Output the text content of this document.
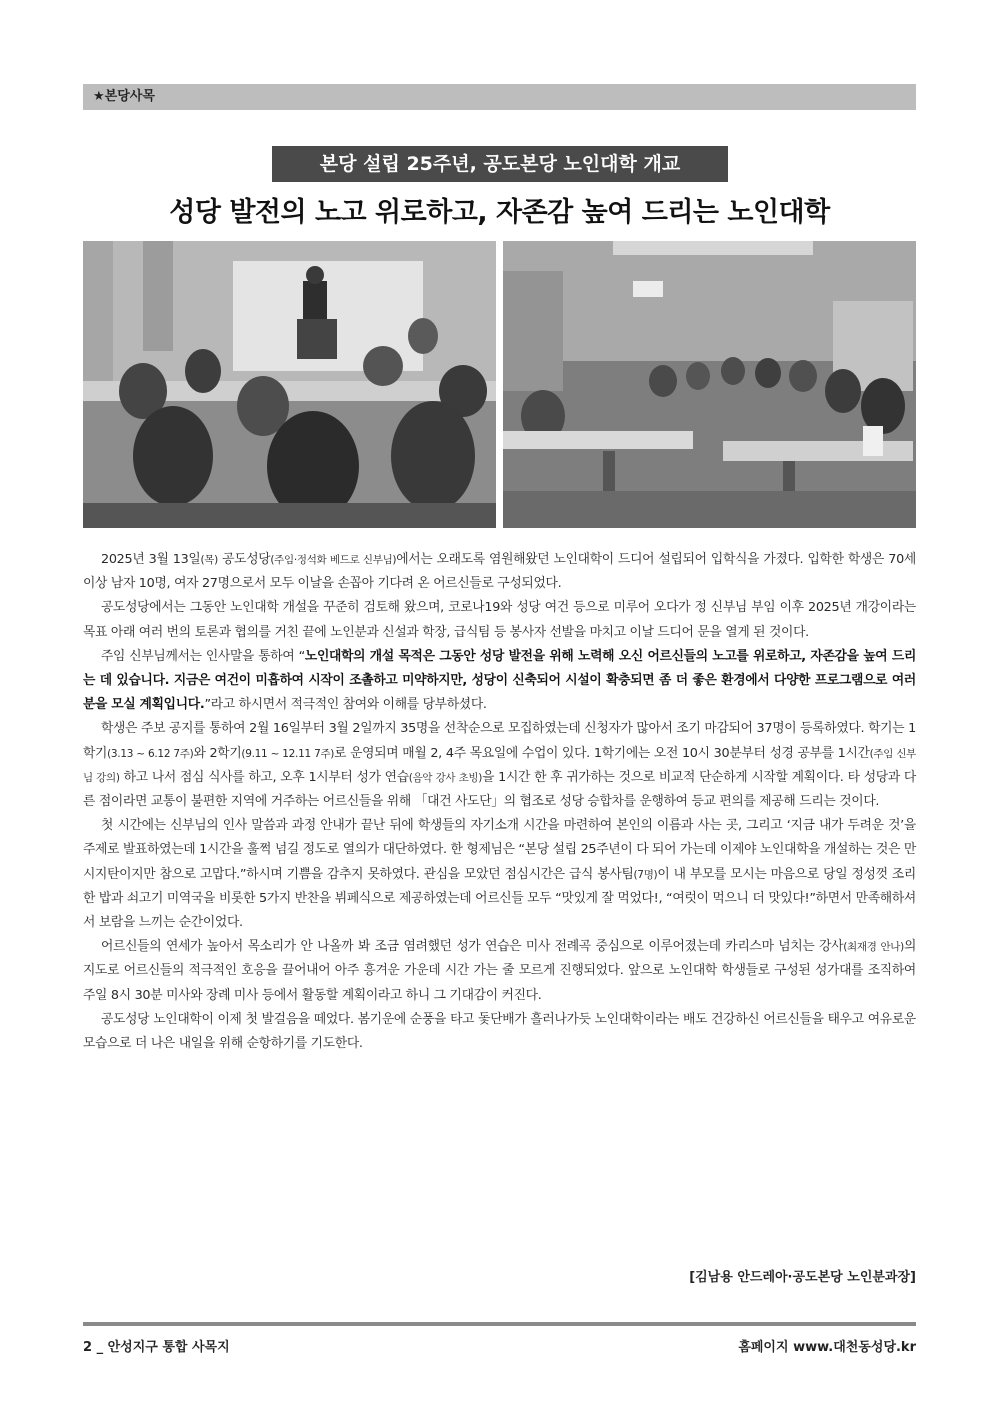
★본당사목
본당 설립 25주년, 공도본당 노인대학 개교
성당 발전의 노고 위로하고, 자존감 높여 드리는 노인대학

2025년 3월 13일(목) 공도성당(주임·정석화 베드로 신부님)에서는 오래도록 염원해왔던 노인대학이 드디어 설립되어 입학식을 가졌다. 입학한 학생은 70세 이상 남자 10명, 여자 27명으로서 모두 이날을 손꼽아 기다려 온 어르신들로 구성되었다.

공도성당에서는 그동안 노인대학 개설을 꾸준히 검토해 왔으며, 코로나19와 성당 여건 등으로 미루어 오다가 정 신부님 부임 이후 2025년 개강이라는 목표 아래 여러 번의 토론과 협의를 거친 끝에 노인분과 신설과 학장, 급식팀 등 봉사자 선발을 마치고 이날 드디어 문을 열게 된 것이다.

주임 신부님께서는 인사말을 통하여 “노인대학의 개설 목적은 그동안 성당 발전을 위해 노력해 오신 어르신들의 노고를 위로하고, 자존감을 높여 드리는 데 있습니다. 지금은 여건이 미흡하여 시작이 조촐하고 미약하지만, 성당이 신축되어 시설이 확충되면 좀 더 좋은 환경에서 다양한 프로그램으로 여러분을 모실 계획입니다.”라고 하시면서 적극적인 참여와 이해를 당부하셨다.

학생은 주보 공지를 통하여 2월 16일부터 3월 2일까지 35명을 선착순으로 모집하였는데 신청자가 많아서 조기 마감되어 37명이 등록하였다. 학기는 1학기(3.13 ~ 6.12 7주)와 2학기(9.11 ~ 12.11 7주)로 운영되며 매월 2, 4주 목요일에 수업이 있다. 1학기에는 오전 10시 30분부터 성경 공부를 1시간(주임 신부님 강의) 하고 나서 점심 식사를 하고, 오후 1시부터 성가 연습(음악 강사 초빙)을 1시간 한 후 귀가하는 것으로 비교적 단순하게 시작할 계획이다. 타 성당과 다른 점이라면 교통이 불편한 지역에 거주하는 어르신들을 위해 「대건 사도단」의 협조로 성당 승합차를 운행하여 등교 편의를 제공해 드리는 것이다.

첫 시간에는 신부님의 인사 말씀과 과정 안내가 끝난 뒤에 학생들의 자기소개 시간을 마련하여 본인의 이름과 사는 곳, 그리고 ‘지금 내가 두려운 것’을 주제로 발표하였는데 1시간을 훌쩍 넘길 정도로 열의가 대단하였다. 한 형제님은 “본당 설립 25주년이 다 되어 가는데 이제야 노인대학을 개설하는 것은 만시지탄이지만 참으로 고맙다.”하시며 기쁨을 감추지 못하였다. 관심을 모았던 점심시간은 급식 봉사팀(7명)이 내 부모를 모시는 마음으로 당일 정성껏 조리한 밥과 쇠고기 미역국을 비롯한 5가지 반찬을 뷔페식으로 제공하였는데 어르신들 모두 “맛있게 잘 먹었다!, “여럿이 먹으니 더 맛있다!”하면서 만족해하셔서 보람을 느끼는 순간이었다.

어르신들의 연세가 높아서 목소리가 안 나올까 봐 조금 염려했던 성가 연습은 미사 전례곡 중심으로 이루어졌는데 카리스마 넘치는 강사(최재경 안나)의 지도로 어르신들의 적극적인 호응을 끌어내어 아주 흥겨운 가운데 시간 가는 줄 모르게 진행되었다. 앞으로 노인대학 학생들로 구성된 성가대를 조직하여 주일 8시 30분 미사와 장례 미사 등에서 활동할 계획이라고 하니 그 기대감이 커진다.

공도성당 노인대학이 이제 첫 발걸음을 떼었다. 봄기운에 순풍을 타고 돛단배가 흘러나가듯 노인대학이라는 배도 건강하신 어르신들을 태우고 여유로운 모습으로 더 나은 내일을 위해 순항하기를 기도한다.

[김남용 안드레아·공도본당 노인분과장]
2 _ 안성지구 통합 사목지	홈페이지 www.대천동성당.kr
